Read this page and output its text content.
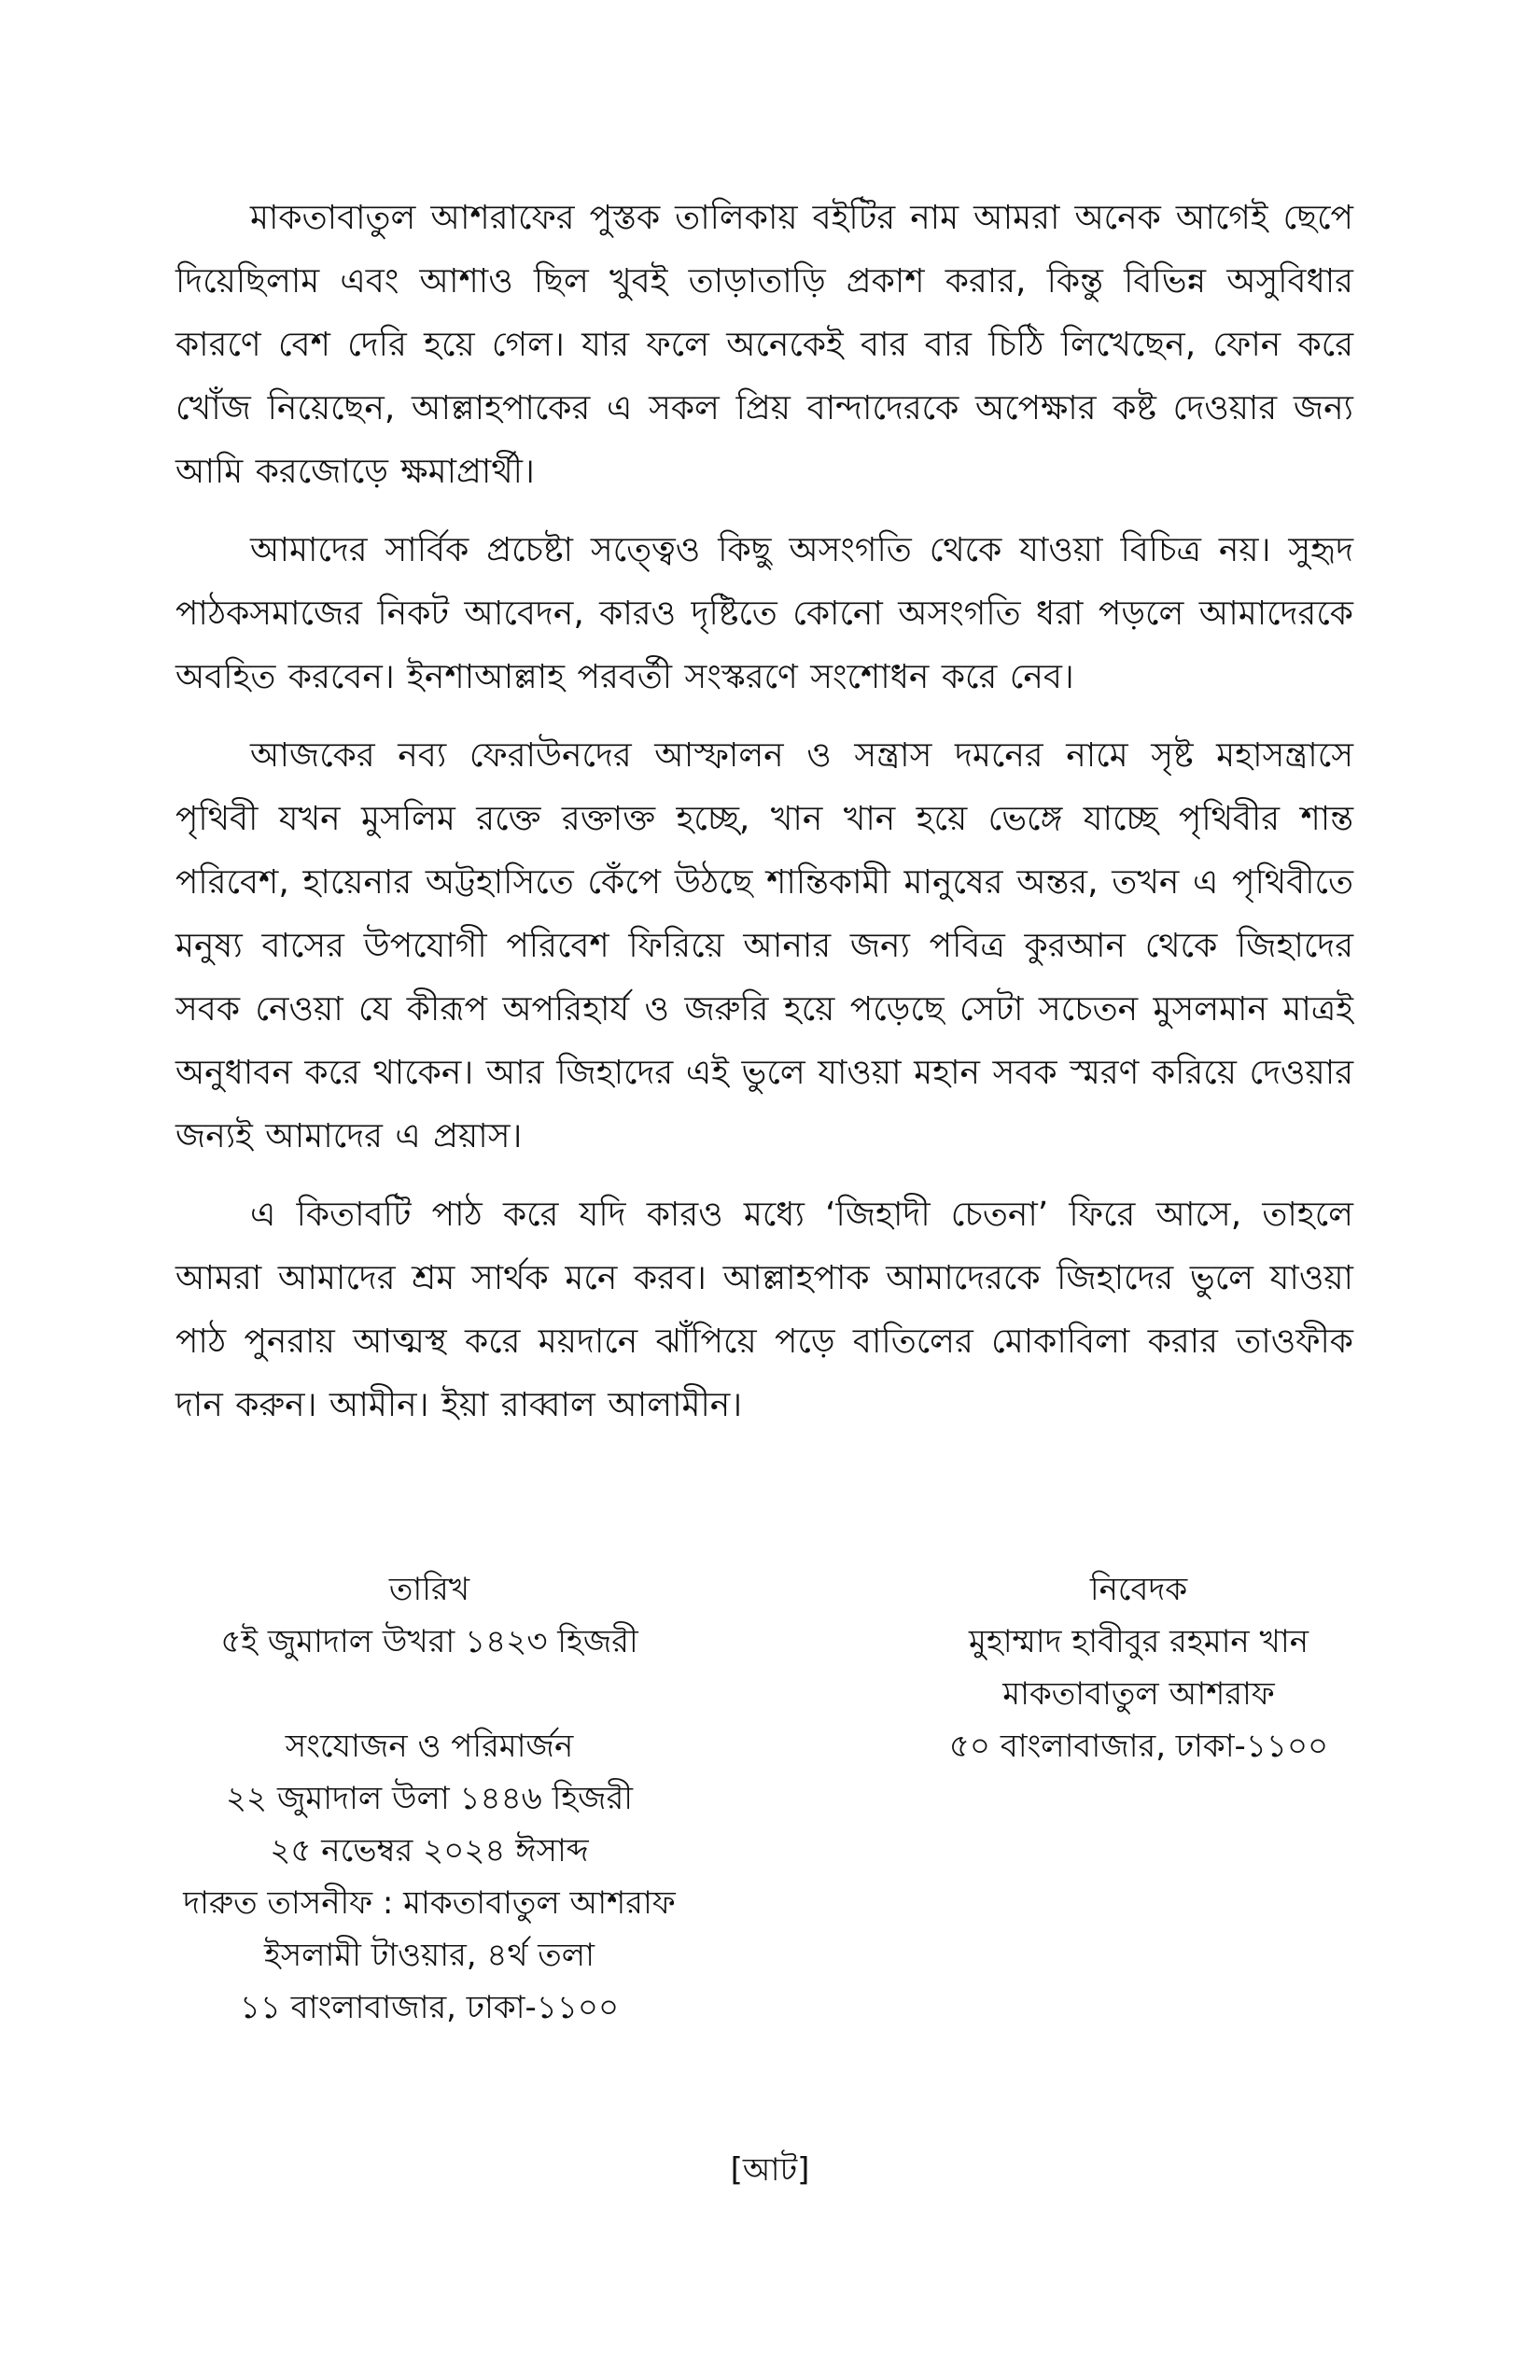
মাকতাবাতুল আশরাফের পুস্তক তালিকায় বইটির নাম আমরা অনেক আগেই ছেপে দিয়েছিলাম এবং আশাও ছিল খুবই তাড়াতাড়ি প্রকাশ করার, কিন্তু বিভিন্ন অসুবিধার কারণে বেশ দেরি হয়ে গেল। যার ফলে অনেকেই বার বার চিঠি লিখেছেন, ফোন করে খোঁজ নিয়েছেন, আল্লাহপাকের এ সকল প্রিয় বান্দাদেরকে অপেক্ষার কষ্ট দেওয়ার জন্য আমি করজোড়ে ক্ষমাপ্রার্থী।

আমাদের সার্বিক প্রচেষ্টা সত্ত্বেও কিছু অসংগতি থেকে যাওয়া বিচিত্র নয়। সুহৃদ পাঠকসমাজের নিকট আবেদন, কারও দৃষ্টিতে কোনো অসংগতি ধরা পড়লে আমাদেরকে অবহিত করবেন। ইনশাআল্লাহ পরবর্তী সংস্করণে সংশোধন করে নেব।

আজকের নব্য ফেরাউনদের আস্ফালন ও সন্ত্রাস দমনের নামে সৃষ্ট মহাসন্ত্রাসে পৃথিবী যখন মুসলিম রক্তে রক্তাক্ত হচ্ছে, খান খান হয়ে ভেঙ্গে যাচ্ছে পৃথিবীর শান্ত পরিবেশ, হায়েনার অট্টহাসিতে কেঁপে উঠছে শান্তিকামী মানুষের অন্তর, তখন এ পৃথিবীতে মনুষ্য বাসের উপযোগী পরিবেশ ফিরিয়ে আনার জন্য পবিত্র কুরআন থেকে জিহাদের সবক নেওয়া যে কীরূপ অপরিহার্য ও জরুরি হয়ে পড়েছে সেটা সচেতন মুসলমান মাত্রই অনুধাবন করে থাকেন। আর জিহাদের এই ভুলে যাওয়া মহান সবক স্মরণ করিয়ে দেওয়ার জন্যই আমাদের এ প্রয়াস।

এ কিতাবটি পাঠ করে যদি কারও মধ্যে ‘জিহাদী চেতনা’ ফিরে আসে, তাহলে আমরা আমাদের শ্রম সার্থক মনে করব। আল্লাহপাক আমাদেরকে জিহাদের ভুলে যাওয়া পাঠ পুনরায় আত্মস্থ করে ময়দানে ঝাঁপিয়ে পড়ে বাতিলের মোকাবিলা করার তাওফীক দান করুন। আমীন। ইয়া রাব্বাল আলামীন।

তারিখ
৫ই জুমাদাল উখরা ১৪২৩ হিজরী
সংযোজন ও পরিমার্জন
২২ জুমাদাল উলা ১৪৪৬ হিজরী
২৫ নভেম্বর ২০২৪ ঈসাব্দ
দারুত তাসনীফ : মাকতাবাতুল আশরাফ
ইসলামী টাওয়ার, ৪র্থ তলা
১১ বাংলাবাজার, ঢাকা-১১০০
নিবেদক
মুহাম্মাদ হাবীবুর রহমান খান
মাকতাবাতুল আশরাফ
৫০ বাংলাবাজার, ঢাকা-১১০০
[আট]
